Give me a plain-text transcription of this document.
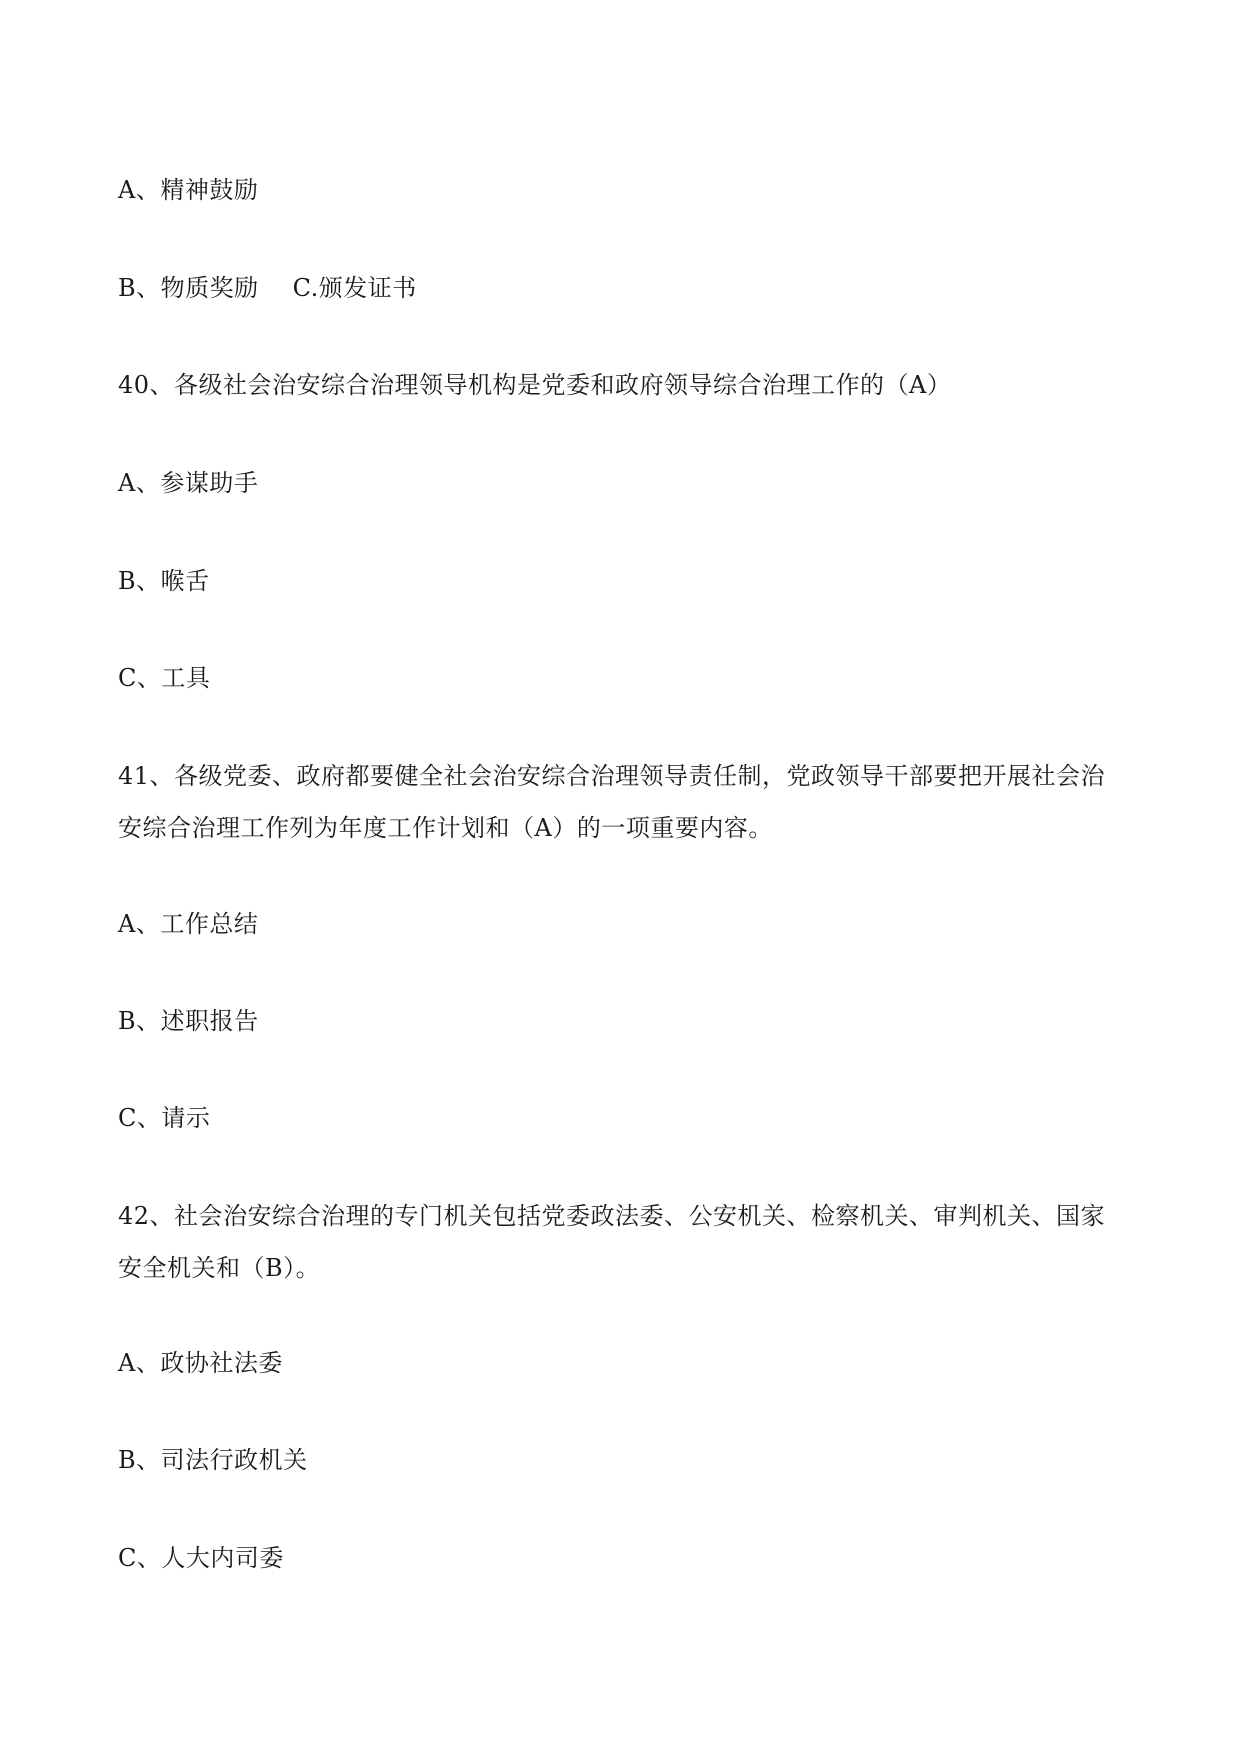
A、精神鼓励
B、物质奖励 C.颁发证书
40、各级社会治安综合治理领导机构是党委和政府领导综合治理工作的（A）
A、参谋助手
B、喉舌
C、工具
41、各级党委、政府都要健全社会治安综合治理领导责任制，党政领导干部要把开展社会治
安综合治理工作列为年度工作计划和（A）的一项重要内容。
A、工作总结
B、述职报告
C、请示
42、社会治安综合治理的专门机关包括党委政法委、公安机关、检察机关、审判机关、国家
安全机关和（B）。
A、政协社法委
B、司法行政机关
C、人大内司委
